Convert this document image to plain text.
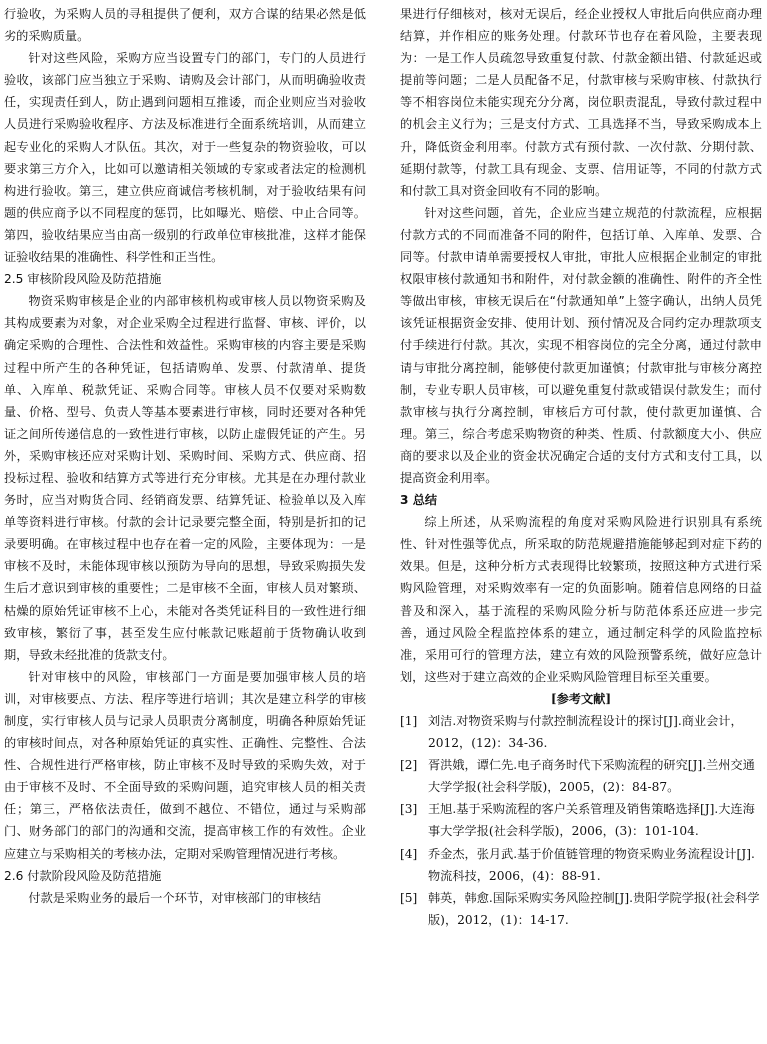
行验收，为采购人员的寻租提供了便利，双方合谋的结果必然是低劣的采购质量。

针对这些风险，采购方应当设置专门的部门，专门的人员进行验收，该部门应当独立于采购、请购及会计部门，从而明确验收责任，实现责任到人，防止遇到问题相互推诿，而企业则应当对验收人员进行采购验收程序、方法及标准进行全面系统培训，从而建立起专业化的采购人才队伍。其次，对于一些复杂的物资验收，可以要求第三方介入，比如可以邀请相关领域的专家或者法定的检测机构进行验收。第三，建立供应商诚信考核机制，对于验收结果有问题的供应商予以不同程度的惩罚，比如曝光、赔偿、中止合同等。第四，验收结果应当由高一级别的行政单位审核批准，这样才能保证验收结果的准确性、科学性和正当性。

2.5 审核阶段风险及防范措施

物资采购审核是企业的内部审核机构或审核人员以物资采购及其构成要素为对象，对企业采购全过程进行监督、审核、评价，以确定采购的合理性、合法性和效益性。采购审核的内容主要是采购过程中所产生的各种凭证，包括请购单、发票、付款清单、提货单、入库单、税款凭证、采购合同等。审核人员不仅要对采购数量、价格、型号、负责人等基本要素进行审核，同时还要对各种凭证之间所传递信息的一致性进行审核，以防止虚假凭证的产生。另外，采购审核还应对采购计划、采购时间、采购方式、供应商、招投标过程、验收和结算方式等进行充分审核。尤其是在办理付款业务时，应当对购货合同、经销商发票、结算凭证、检验单以及入库单等资料进行审核。付款的会计记录要完整全面，特别是折扣的记录要明确。在审核过程中也存在着一定的风险，主要体现为：一是审核不及时，未能体现审核以预防为导向的思想，导致采购损失发生后才意识到审核的重要性；二是审核不全面，审核人员对繁琐、枯燥的原始凭证审核不上心，未能对各类凭证科目的一致性进行细致审核，繁衍了事，甚至发生应付帐款记账超前于货物确认收到期，导致未经批准的货款支付。

针对审核中的风险，审核部门一方面是要加强审核人员的培训，对审核要点、方法、程序等进行培训；其次是建立科学的审核制度，实行审核人员与记录人员职责分离制度，明确各种原始凭证的审核时间点，对各种原始凭证的真实性、正确性、完整性、合法性、合规性进行严格审核，防止审核不及时导致的采购失效，对于由于审核不及时、不全面导致的采购问题，追究审核人员的相关责任；第三，严格依法责任，做到不越位、不错位，通过与采购部门、财务部门的部门的沟通和交流，提高审核工作的有效性。企业应建立与采购相关的考核办法，定期对采购管理情况进行考核。

2.6 付款阶段风险及防范措施

付款是采购业务的最后一个环节，对审核部门的审核结

果进行仔细核对，核对无误后，经企业授权人审批后向供应商办理结算，并作相应的账务处理。付款环节也存在着风险，主要表现为：一是工作人员疏忽导致重复付款、付款金额出错、付款延迟或提前等问题；二是人员配备不足，付款审核与采购审核、付款执行等不相容岗位未能实现充分分离，岗位职责混乱，导致付款过程中的机会主义行为；三是支付方式、工具选择不当，导致采购成本上升，降低资金利用率。付款方式有预付款、一次付款、分期付款、延期付款等，付款工具有现金、支票、信用证等，不同的付款方式和付款工具对资金回收有不同的影响。

针对这些问题，首先，企业应当建立规范的付款流程，应根据付款方式的不同而准备不同的附件，包括订单、入库单、发票、合同等。付款申请单需要授权人审批，审批人应根据企业制定的审批权限审核付款通知书和附件，对付款金额的准确性、附件的齐全性等做出审核，审核无误后在“付款通知单”上签字确认，出纳人员凭该凭证根据资金安排、使用计划、预付情况及合同约定办理款项支付手续进行付款。其次，实现不相容岗位的完全分离，通过付款申请与审批分离控制，能够使付款更加谨慎；付款审批与审核分离控制，专业专职人员审核，可以避免重复付款或错误付款发生；而付款审核与执行分离控制，审核后方可付款，使付款更加谨慎、合理。第三，综合考虑采购物资的种类、性质、付款额度大小、供应商的要求以及企业的资金状况确定合适的支付方式和支付工具，以提高资金利用率。

3 总结

综上所述，从采购流程的角度对采购风险进行识别具有系统性、针对性强等优点，所采取的防范规避措施能够起到对症下药的效果。但是，这种分析方式表现得比较繁琐，按照这种方式进行采购风险管理，对采购效率有一定的负面影响。随着信息网络的日益普及和深入，基于流程的采购风险分析与防范体系还应进一步完善，通过风险全程监控体系的建立，通过制定科学的风险监控标准，采用可行的管理方法，建立有效的风险预警系统，做好应急计划，这些对于建立高效的企业采购风险管理目标至关重要。

[参考文献]

[1] 刘洁.对物资采购与付款控制流程设计的探讨[J].商业会计，2012，(12)：34-36.
[2] 胥洪娥，谭仁先.电子商务时代下采购流程的研究[J].兰州交通大学学报(社会科学版)，2005，(2)：84-87。
[3] 王旭.基于采购流程的客户关系管理及销售策略选择[J].大连海事大学学报(社会科学版)，2006，(3)：101-104.
[4] 乔金杰，张月武.基于价值链管理的物资采购业务流程设计[J].物流科技，2006，(4)：88-91.
[5] 韩英，韩愈.国际采购实务风险控制[J].贵阳学院学报(社会科学版)，2012，(1)：14-17.
